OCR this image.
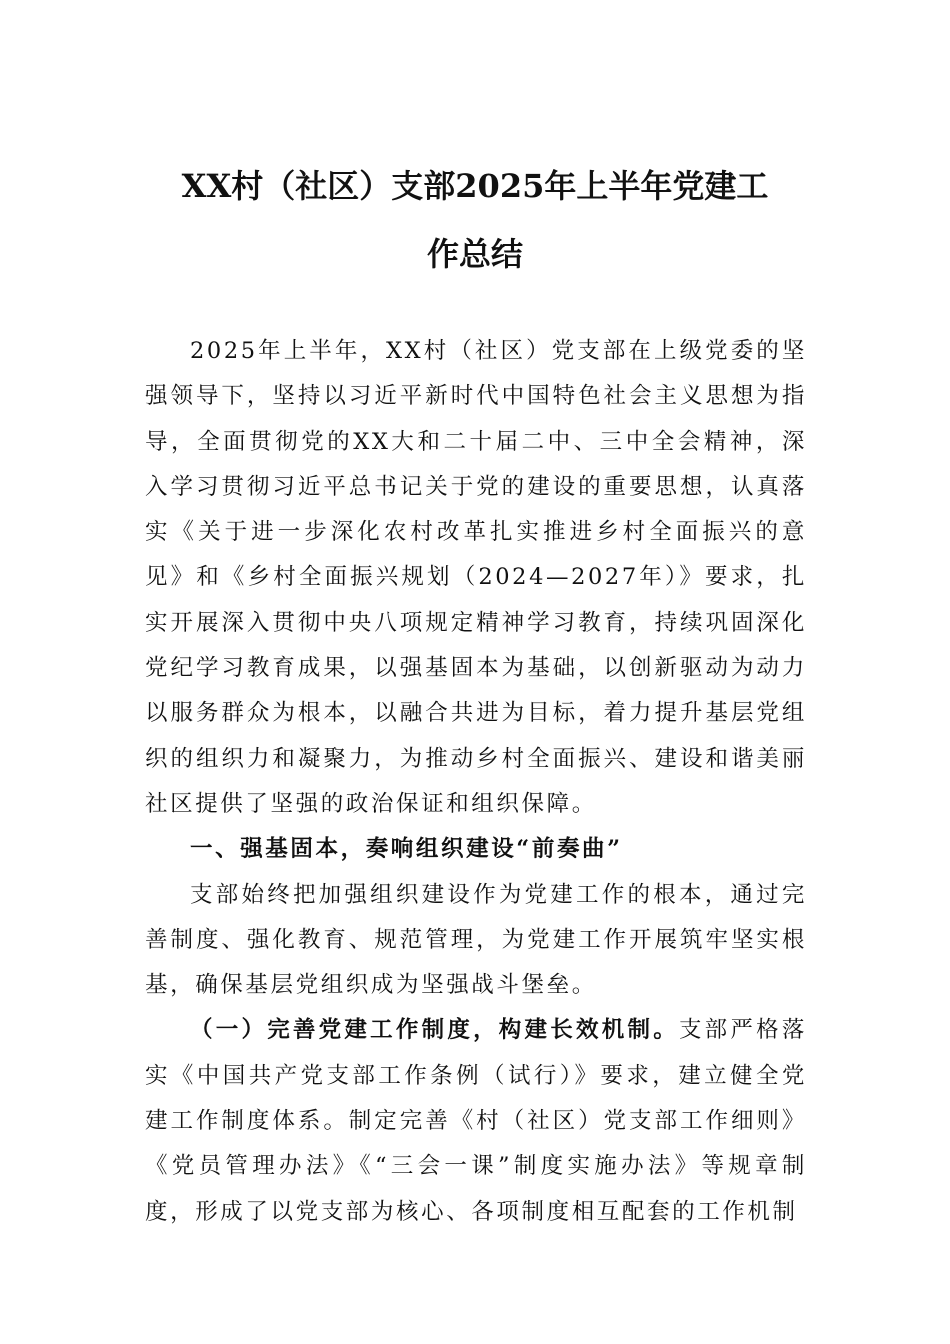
XX村（社区）支部2025年上半年党建工
作总结

2025年上半年，XX村（社区）党支部在上级党委的坚强领导下，坚持以习近平新时代中国特色社会主义思想为指导，全面贯彻党的XX大和二十届二中、三中全会精神，深入学习贯彻习近平总书记关于党的建设的重要思想，认真落实《关于进一步深化农村改革扎实推进乡村全面振兴的意见》和《乡村全面振兴规划（2024—2027年）》要求，扎实开展深入贯彻中央八项规定精神学习教育，持续巩固深化党纪学习教育成果，以强基固本为基础，以创新驱动为动力以服务群众为根本，以融合共进为目标，着力提升基层党组织的组织力和凝聚力，为推动乡村全面振兴、建设和谐美丽社区提供了坚强的政治保证和组织保障。

一、强基固本，奏响组织建设“前奏曲”

支部始终把加强组织建设作为党建工作的根本，通过完善制度、强化教育、规范管理，为党建工作开展筑牢坚实根基，确保基层党组织成为坚强战斗堡垒。

（一）完善党建工作制度，构建长效机制。支部严格落实《中国共产党支部工作条例（试行）》要求，建立健全党建工作制度体系。制定完善《村（社区）党支部工作细则》《党员管理办法》《“三会一课”制度实施办法》等规章制度，形成了以党支部为核心、各项制度相互配套的工作机制
